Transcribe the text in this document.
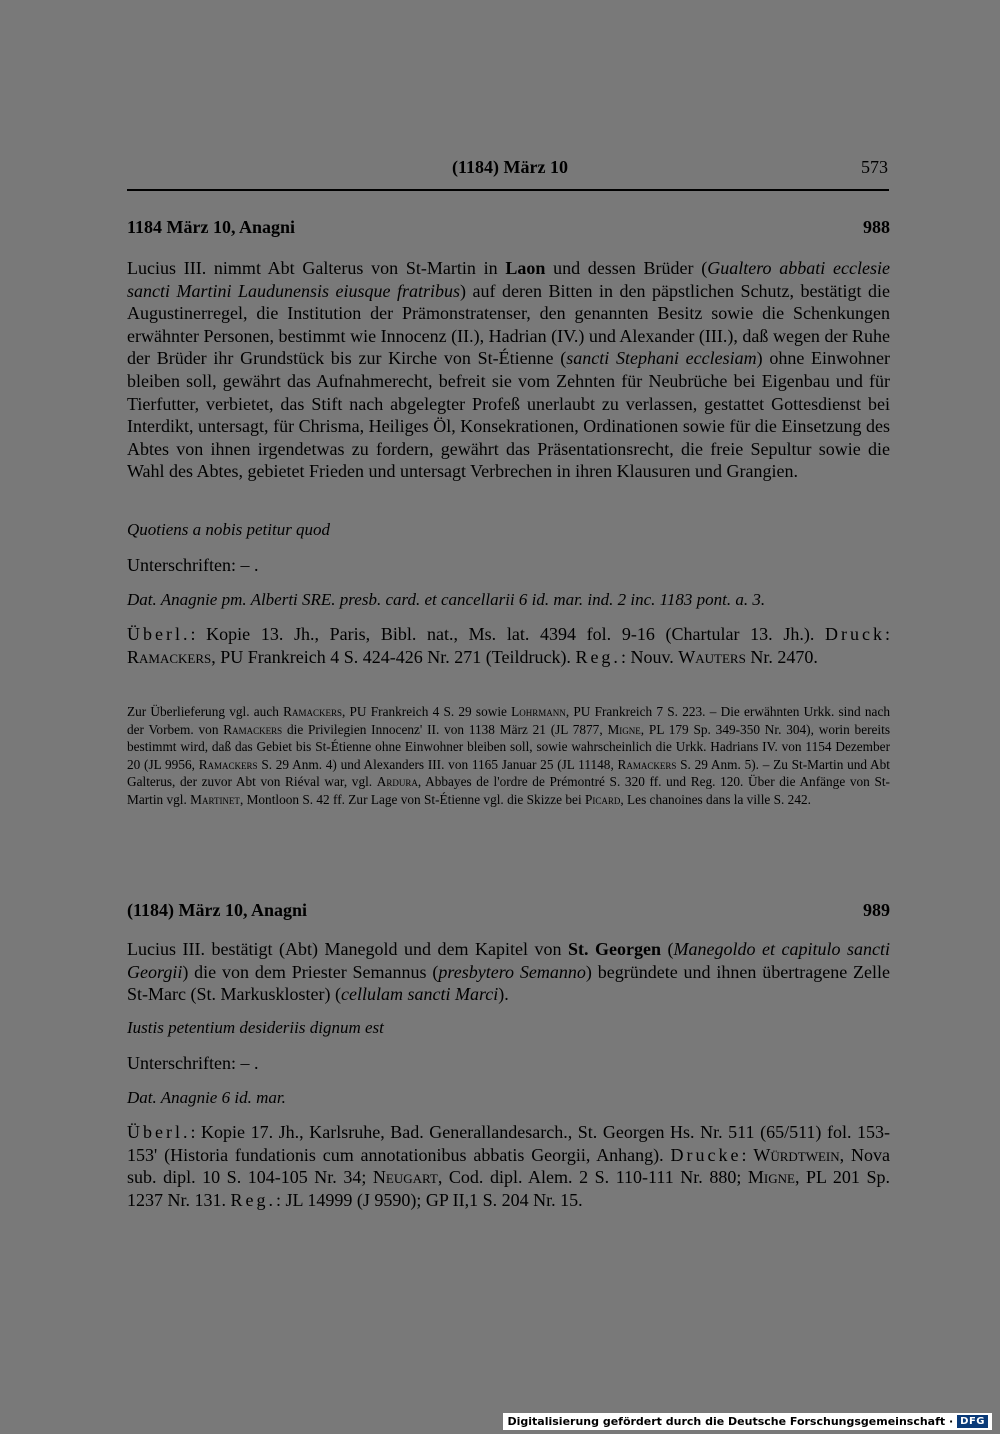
(1184) März 10	573
1184 März 10, Anagni	988
Lucius III. nimmt Abt Galterus von St-Martin in Laon und dessen Brüder (Gualtero abbati ecclesie sancti Martini Laudunensis eiusque fratribus) auf deren Bitten in den päpstlichen Schutz, bestätigt die Augustinerregel, die Institution der Prämonstratenser, den genannten Besitz sowie die Schenkungen erwähnter Personen, bestimmt wie Innocenz (II.), Hadrian (IV.) und Alexander (III.), daß wegen der Ruhe der Brüder ihr Grundstück bis zur Kirche von St-Étienne (sancti Stephani ecclesiam) ohne Einwohner bleiben soll, gewährt das Aufnahmerecht, befreit sie vom Zehnten für Neubrüche bei Eigenbau und für Tierfutter, verbietet, das Stift nach abgelegter Profeß unerlaubt zu verlassen, gestattet Gottesdienst bei Interdikt, untersagt, für Chrisma, Heiliges Öl, Konsekrationen, Ordinationen sowie für die Einsetzung des Abtes von ihnen irgendetwas zu fordern, gewährt das Präsentationsrecht, die freie Sepultur sowie die Wahl des Abtes, gebietet Frieden und untersagt Verbrechen in ihren Klausuren und Grangien.
Quotiens a nobis petitur quod
Unterschriften: – .
Dat. Anagnie pm. Alberti SRE. presb. card. et cancellarii 6 id. mar. ind. 2 inc. 1183 pont. a. 3.
Überl.: Kopie 13. Jh., Paris, Bibl. nat., Ms. lat. 4394 fol. 9-16 (Chartular 13. Jh.). Druck: Ramackers, PU Frankreich 4 S. 424-426 Nr. 271 (Teildruck). Reg.: Nouv. Wauters Nr. 2470.
Zur Überlieferung vgl. auch Ramackers, PU Frankreich 4 S. 29 sowie Lohrmann, PU Frankreich 7 S. 223. – Die erwähnten Urkk. sind nach der Vorbem. von Ramackers die Privilegien Innocenz' II. von 1138 März 21 (JL 7877, Migne, PL 179 Sp. 349-350 Nr. 304), worin bereits bestimmt wird, daß das Gebiet bis St-Étienne ohne Einwohner bleiben soll, sowie wahrscheinlich die Urkk. Hadrians IV. von 1154 Dezember 20 (JL 9956, Ramackers S. 29 Anm. 4) und Alexanders III. von 1165 Januar 25 (JL 11148, Ramackers S. 29 Anm. 5). – Zu St-Martin und Abt Galterus, der zuvor Abt von Riéval war, vgl. Ardura, Abbayes de l'ordre de Prémontré S. 320 ff. und Reg. 120. Über die Anfänge von St-Martin vgl. Martinet, Montloon S. 42 ff. Zur Lage von St-Étienne vgl. die Skizze bei Picard, Les chanoines dans la ville S. 242.
(1184) März 10, Anagni	989
Lucius III. bestätigt (Abt) Manegold und dem Kapitel von St. Georgen (Manegoldo et capitulo sancti Georgii) die von dem Priester Semannus (presbytero Semanno) begründete und ihnen übertragene Zelle St-Marc (St. Markuskloster) (cellulam sancti Marci).
Iustis petentium desideriis dignum est
Unterschriften: – .
Dat. Anagnie 6 id. mar.
Überl.: Kopie 17. Jh., Karlsruhe, Bad. Generallandesarch., St. Georgen Hs. Nr. 511 (65/511) fol. 153-153' (Historia fundationis cum annotationibus abbatis Georgii, Anhang). Drucke: Würdtwein, Nova sub. dipl. 10 S. 104-105 Nr. 34; Neugart, Cod. dipl. Alem. 2 S. 110-111 Nr. 880; Migne, PL 201 Sp. 1237 Nr. 131. Reg.: JL 14999 (J 9590); GP II,1 S. 204 Nr. 15.
Digitalisierung gefördert durch die Deutsche Forschungsgemeinschaft · DFG
